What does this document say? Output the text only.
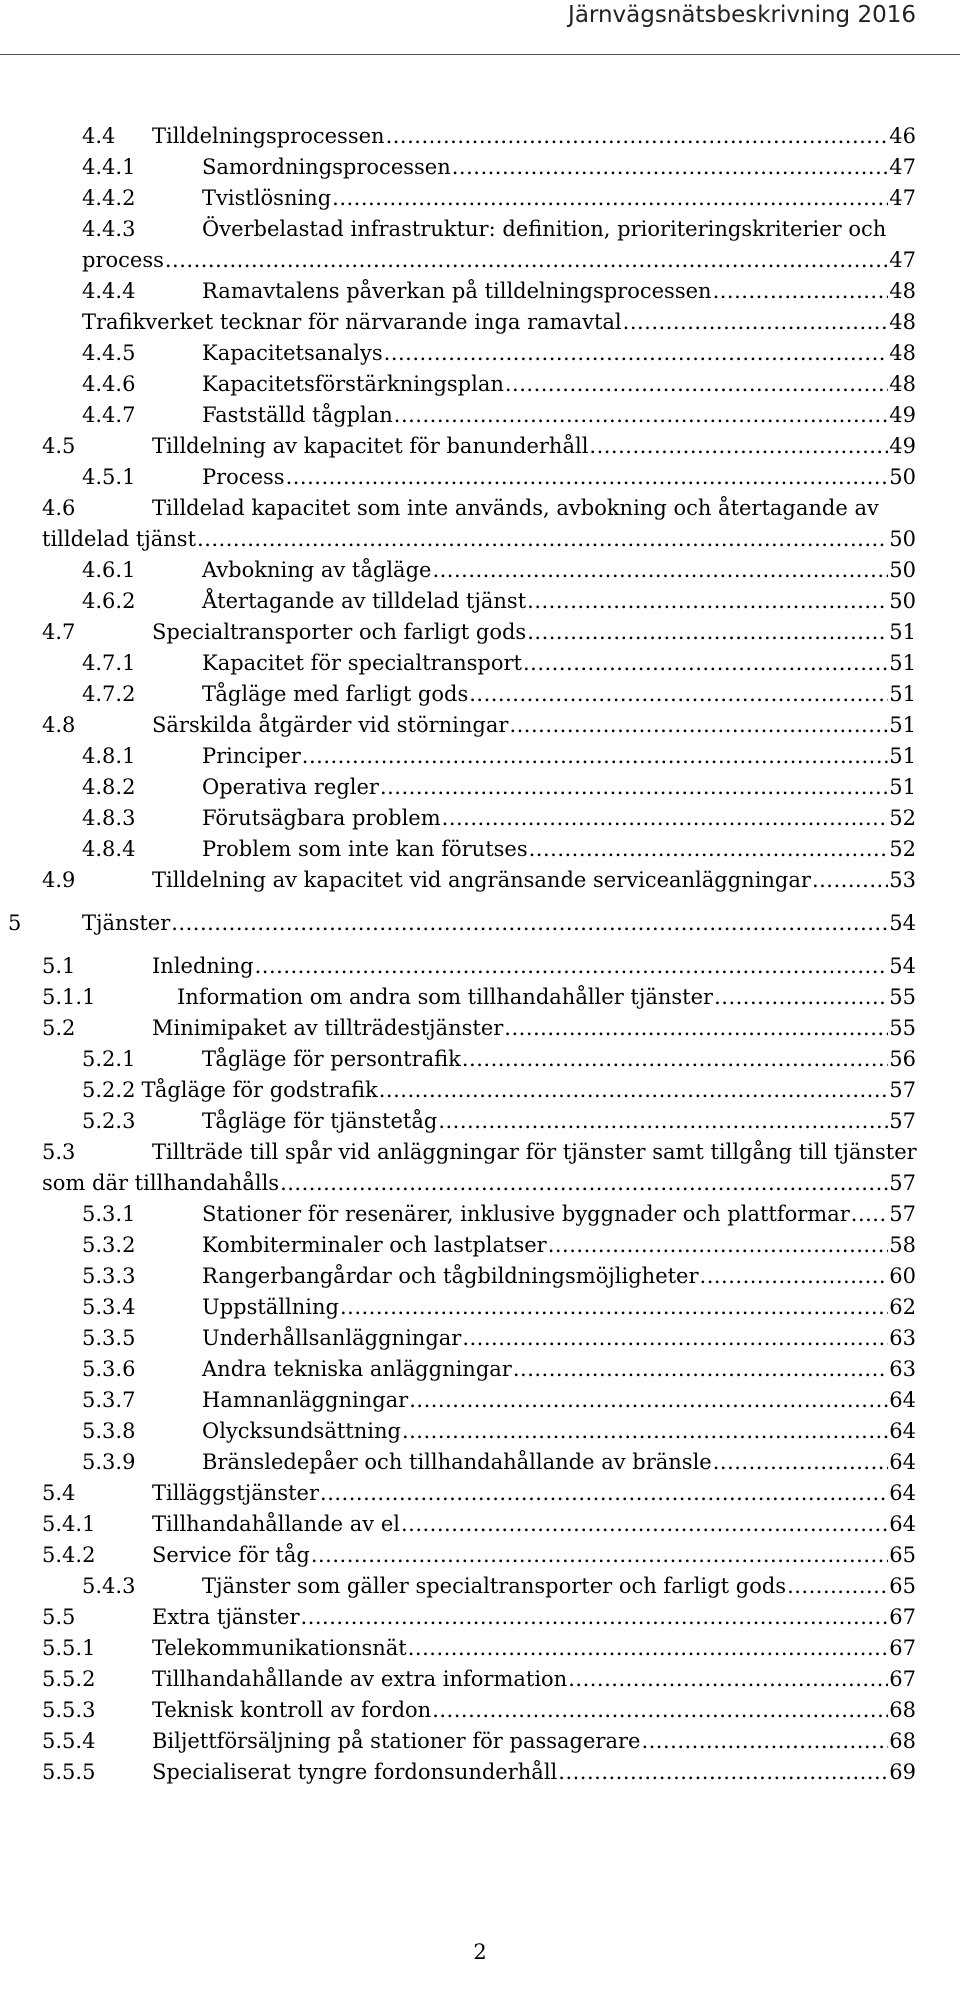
Järnvägsnätsbeskrivning 2016
4.4	Tilldelningsprocessen .....	46
4.4.1	Samordningsprocessen .....	47
4.4.2	Tvistlösning .....	47
4.4.3	Överbelastad infrastruktur: definition, prioriteringskriterier och
process .....	47
4.4.4	Ramavtalens påverkan på tilldelningsprocessen .....	48
Trafikverket tecknar för närvarande inga ramavtal .....	48
4.4.5	Kapacitetsanalys .....	48
4.4.6	Kapacitetsförstärkningsplan .....	48
4.4.7	Fastställd tågplan .....	49
4.5	Tilldelning av kapacitet för banunderhåll .....	49
4.5.1	Process .....	50
4.6	Tilldelad kapacitet som inte används, avbokning och återtagande av
tilldelad tjänst .....	50
4.6.1	Avbokning av tågläge .....	50
4.6.2	Återtagande av tilldelad tjänst .....	50
4.7	Specialtransporter och farligt gods .....	51
4.7.1	Kapacitet för specialtransport .....	51
4.7.2	Tågläge med farligt gods .....	51
4.8	Särskilda åtgärder vid störningar .....	51
4.8.1	Principer .....	51
4.8.2	Operativa regler .....	51
4.8.3	Förutsägbara problem .....	52
4.8.4	Problem som inte kan förutses .....	52
4.9	Tilldelning av kapacitet vid angränsande serviceanläggningar .....	53
5	Tjänster .....	54
5.1	Inledning .....	54
5.1.1	Information om andra som tillhandahåller tjänster .....	55
5.2	Minimipaket av tillträdestjänster .....	55
5.2.1	Tågläge för persontrafik .....	56
5.2.2 Tågläge för godstrafik .....	57
5.2.3	Tågläge för tjänstetåg .....	57
5.3	Tillträde till spår vid anläggningar för tjänster samt tillgång till tjänster
som där tillhandahålls .....	57
5.3.1	Stationer för resenärer, inklusive byggnader och plattformar ..... 57
5.3.2	Kombiterminaler och lastplatser .....	58
5.3.3	Rangerbangårdar och tågbildningsmöjligheter .....	60
5.3.4	Uppställning .....	62
5.3.5	Underhållsanläggningar .....	63
5.3.6	Andra tekniska anläggningar .....	63
5.3.7	Hamnanläggningar .....	64
5.3.8	Olycksundsättning .....	64
5.3.9	Bränsledepåer och tillhandahållande av bränsle .....	64
5.4	Tilläggstjänster .....	64
5.4.1	Tillhandahållande av el .....	64
5.4.2	Service för tåg .....	65
5.4.3	Tjänster som gäller specialtransporter och farligt gods .....	65
5.5	Extra tjänster .....	67
5.5.1	Telekommunikationsnät .....	67
5.5.2	Tillhandahållande av extra information .....	67
5.5.3	Teknisk kontroll av fordon .....	68
5.5.4	Biljettförsäljning på stationer för passagerare .....	68
5.5.5	Specialiserat tyngre fordonsunderhåll .....	69
2
